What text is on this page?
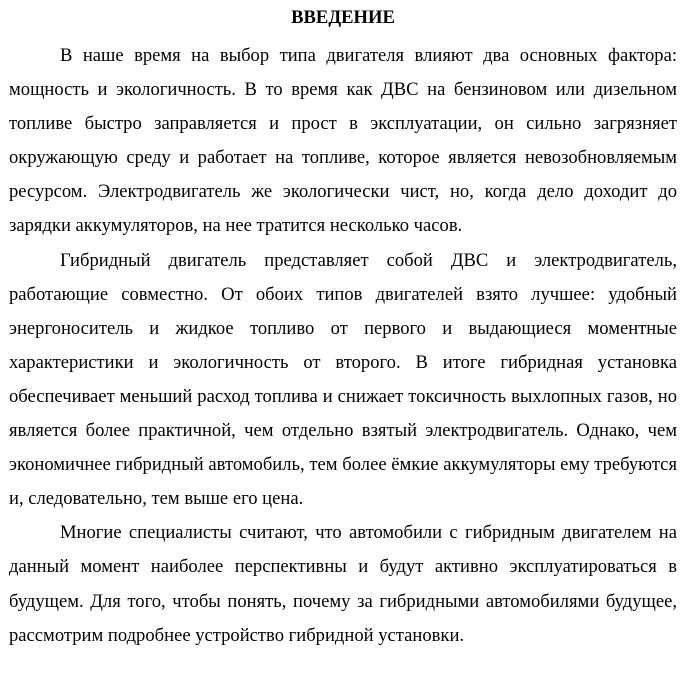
ВВЕДЕНИЕ

В наше время на выбор типа двигателя влияют два основных фактора: мощность и экологичность. В то время как ДВС на бензиновом или дизельном топливе быстро заправляется и прост в эксплуатации, он сильно загрязняет окружающую среду и работает на топливе, которое является невозобновляемым ресурсом. Электродвигатель же экологически чист, но, когда дело доходит до зарядки аккумуляторов, на нее тратится несколько часов.

Гибридный двигатель представляет собой ДВС и электродвигатель, работающие совместно. От обоих типов двигателей взято лучшее: удобный энергоноситель и жидкое топливо от первого и выдающиеся моментные характеристики и экологичность от второго. В итоге гибридная установка обеспечивает меньший расход топлива и снижает токсичность выхлопных газов, но является более практичной, чем отдельно взятый электродвигатель. Однако, чем экономичнее гибридный автомобиль, тем более ёмкие аккумуляторы ему требуются и, следовательно, тем выше его цена.

Многие специалисты считают, что автомобили с гибридным двигателем на данный момент наиболее перспективны и будут активно эксплуатироваться в будущем. Для того, чтобы понять, почему за гибридными автомобилями будущее, рассмотрим подробнее устройство гибридной установки.
